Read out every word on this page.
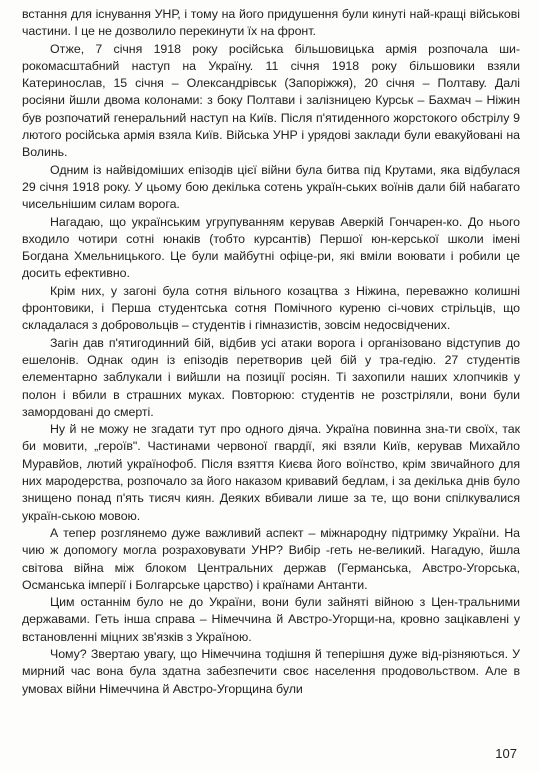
встання для існування УНР, і тому на його придушення були кинуті най-кращі військові частини. І це не дозволило перекинути їх на фронт.

Отже, 7 січня 1918 року російська більшовицька армія розпочала ши-рокомасштабний наступ на Україну. 11 січня 1918 року більшовики взяли Катеринослав, 15 січня – Олександрівськ (Запоріжжя), 20 січня – Полтаву. Далі росіяни йшли двома колонами: з боку Полтави і залізницею Курськ – Бахмач – Ніжин був розпочатий генеральний наступ на Київ. Після п'ятиденного жорстокого обстрілу 9 лютого російська армія взяла Київ. Війська УНР і урядові заклади були евакуйовані на Волинь.

Одним із найвідоміших епізодів цієї війни була битва під Крутами, яка відбулася 29 січня 1918 року. У цьому бою декілька сотень україн-ських воїнів дали бій набагато чисельнішим силам ворога.

Нагадаю, що українським угрупуванням керував Аверкій Гончарен-ко. До нього входило чотири сотні юнаків (тобто курсантів) Першої юн-керської школи імені Богдана Хмельницького. Це були майбутні офіце-ри, які вміли воювати і робили це досить ефективно.

Крім них, у загоні була сотня вільного козацтва з Ніжина, переважно колишні фронтовики, і Перша студентська сотня Помічного куреню сі-чових стрільців, що складалася з добровольців – студентів і гімназистів, зовсім недосвідчених.

Загін дав п'ятигодинний бій, відбив усі атаки ворога і організовано відступив до ешелонів. Однак один із епізодів перетворив цей бій у тра-гедію. 27 студентів елементарно заблукали і вийшли на позиції росіян. Ті захопили наших хлопчиків у полон і вбили в страшних муках. Повторюю: студентів не розстріляли, вони були замордовані до смерті.

Ну й не можу не згадати тут про одного діяча. Україна повинна зна-ти своїх, так би мовити, „героїв". Частинами червоної гвардії, які взяли Київ, керував Михайло Муравйов, лютий українофоб. Після взяття Києва його воїнство, крім звичайного для них мародерства, розпочало за його наказом кривавий бедлам, і за декілька днів було знищено понад п'ять тисяч киян. Деяких вбивали лише за те, що вони спілкувалися україн-ською мовою.

А тепер розглянемо дуже важливий аспект – міжнародну підтримку України. На чию ж допомогу могла розраховувати УНР? Вибір -геть не-великий. Нагадую, йшла світова війна між блоком Центральних держав (Германська, Австро-Угорська, Османська імперії і Болгарське царство) і країнами Антанти.

Цим останнім було не до України, вони були зайняті війною з Цен-тральними державами. Геть інша справа – Німеччина й Австро-Угорщи-на, кровно зацікавлені у встановленні міцних зв'язків з Україною.

Чому? Звертаю увагу, що Німеччина тодішня й теперішня дуже від-різняються. У мирний час вона була здатна забезпечити своє населення продовольством. Але в умовах війни Німеччина й Австро-Угорщина були

107
